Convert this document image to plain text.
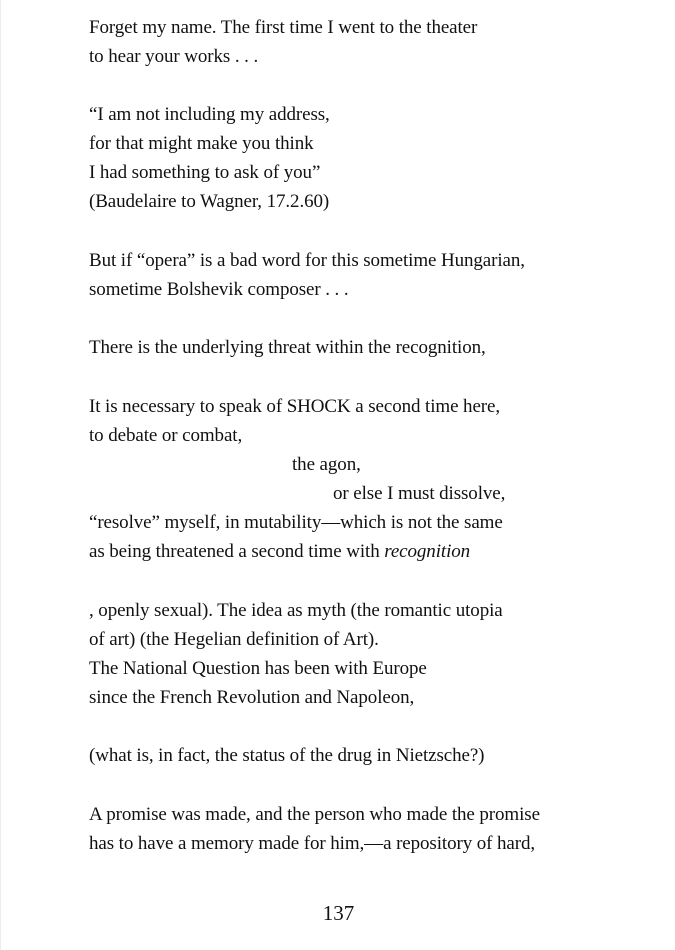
Forget my name. The first time I went to the theater
to hear your works . . .
“I am not including my address,
for that might make you think
I had something to ask of you”
(Baudelaire to Wagner, 17.2.60)
But if “opera” is a bad word for this sometime Hungarian,
sometime Bolshevik composer . . .
There is the underlying threat within the recognition,
It is necessary to speak of SHOCK a second time here,
to debate or combat,
the agon,
or else I must dissolve,
“resolve” myself, in mutability—which is not the same
as being threatened a second time with recognition
, openly sexual). The idea as myth (the romantic utopia
of art) (the Hegelian definition of Art).
The National Question has been with Europe
since the French Revolution and Napoleon,
(what is, in fact, the status of the drug in Nietzsche?)
A promise was made, and the person who made the promise
has to have a memory made for him,—a repository of hard,
137
